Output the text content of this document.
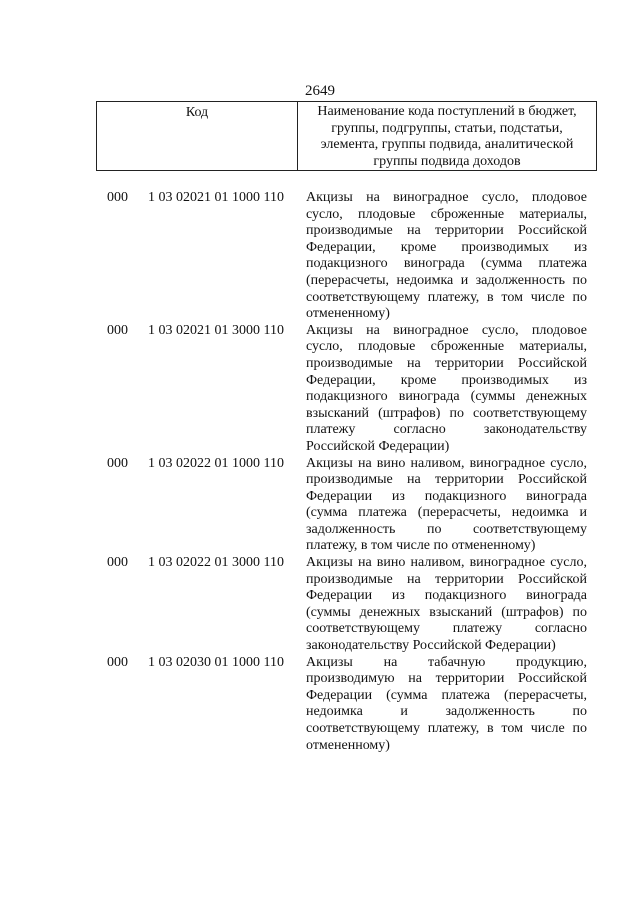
2649
Код	Наименование кода поступлений в бюджет, группы, подгруппы, статьи, подстатьи, элемента, группы подвида, аналитической группы подвида доходов
000 1 03 02021 01 1000 110 Акцизы на виноградное сусло, плодовое
сусло, плодовые сброженные материалы,
производимые на территории Российской
Федерации, кроме производимых из
подакцизного винограда (сумма платежа
(перерасчеты, недоимка и задолженность по
соответствующему платежу, в том числе по
отмененному)
000 1 03 02021 01 3000 110 Акцизы на виноградное сусло, плодовое
сусло, плодовые сброженные материалы,
производимые на территории Российской
Федерации, кроме производимых из
подакцизного винограда (суммы денежных
взысканий (штрафов) по соответствующему
платежу согласно законодательству
Российской Федерации)
000 1 03 02022 01 1000 110 Акцизы на вино наливом, виноградное сусло,
производимые на территории Российской
Федерации из подакцизного винограда
(сумма платежа (перерасчеты, недоимка и
задолженность по соответствующему
платежу, в том числе по отмененному)
000 1 03 02022 01 3000 110 Акцизы на вино наливом, виноградное сусло,
производимые на территории Российской
Федерации из подакцизного винограда
(суммы денежных взысканий (штрафов) по
соответствующему платежу согласно
законодательству Российской Федерации)
000 1 03 02030 01 1000 110 Акцизы на табачную продукцию,
производимую на территории Российской
Федерации (сумма платежа (перерасчеты,
недоимка и задолженность по
соответствующему платежу, в том числе по
отмененному)
